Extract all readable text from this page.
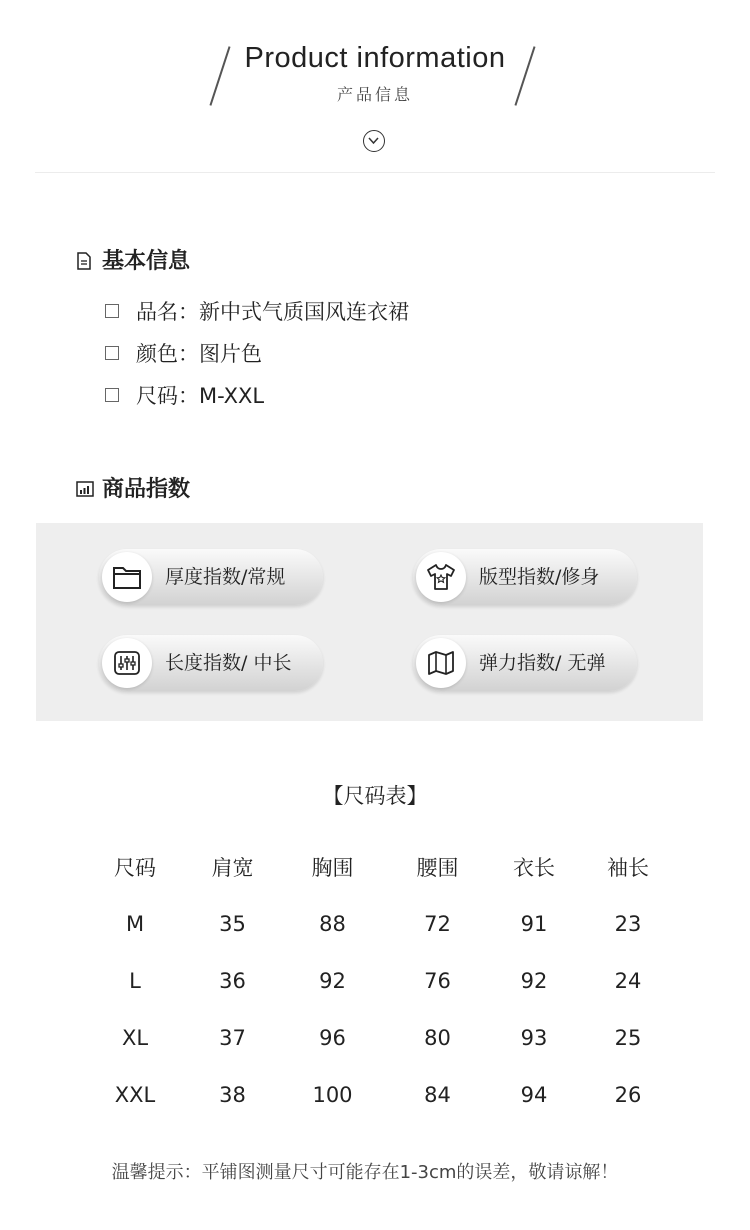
Product information
产品信息
基本信息
品名：新中式气质国风连衣裙
颜色：图片色
尺码：M-XXL
商品指数
厚度指数/常规	版型指数/修身
长度指数/ 中长	弹力指数/ 无弹
【尺码表】
尺码	肩宽	胸围	腰围	衣长	袖长
M	35	88	72	91	23
L	36	92	76	92	24
XL	37	96	80	93	25
XXL	38	100	84	94	26
温馨提示：平铺图测量尺寸可能存在1-3cm的误差，敬请谅解！
